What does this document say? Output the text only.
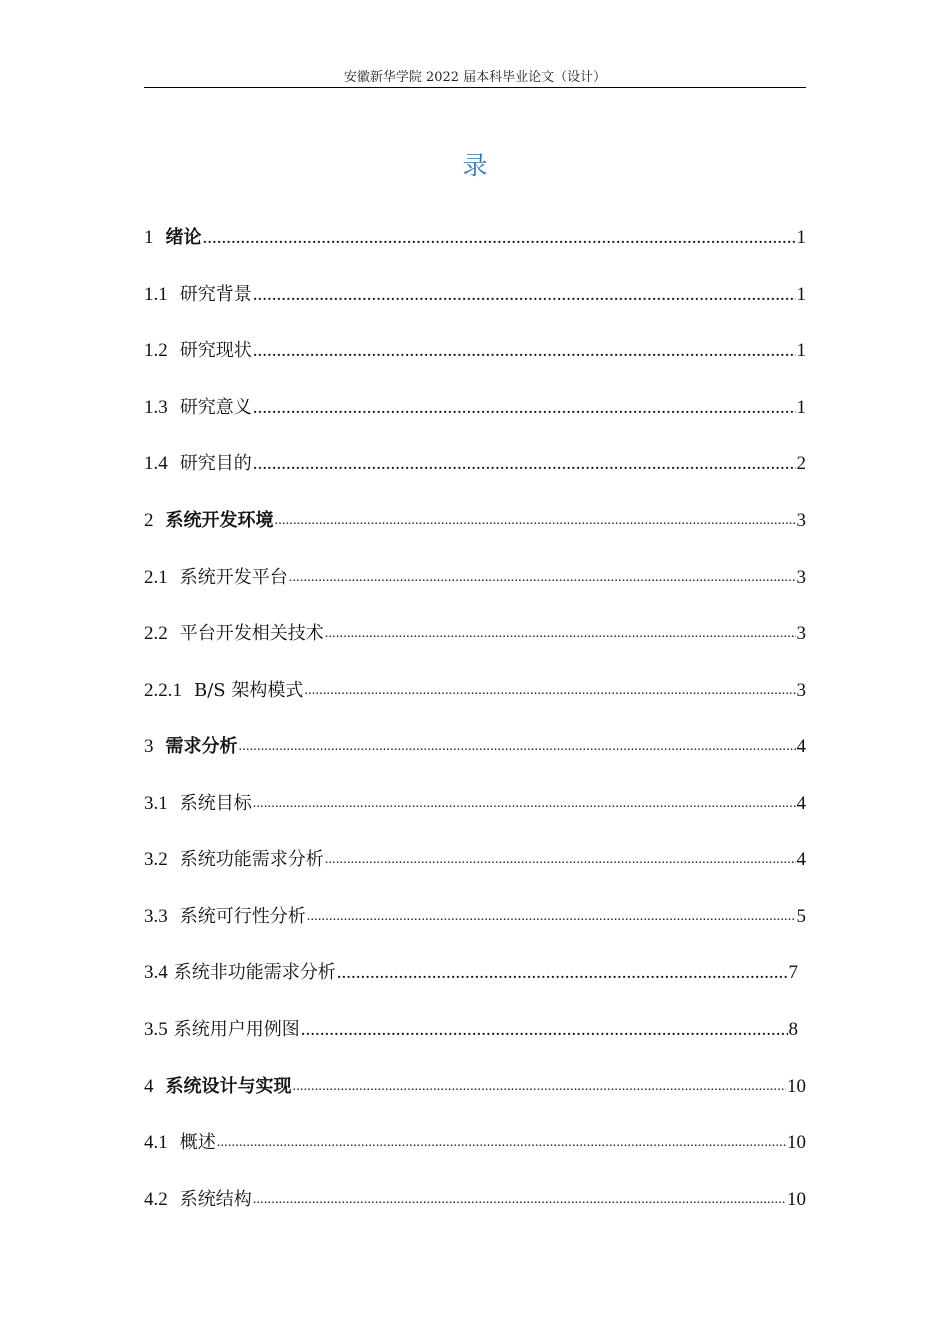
安徽新华学院 2022 届本科毕业论文（设计）
录
1 绪论 .....	1
1.1 研究背景 .....	1
1.2 研究现状 .....	1
1.3 研究意义 .....	1
1.4 研究目的 .....	2
2 系统开发环境 .....	3
2.1 系统开发平台 .....	3
2.2 平台开发相关技术 .....	3
2.2.1 B/S 架构模式 .....	3
3 需求分析 .....	4
3.1 系统目标 .....	4
3.2 系统功能需求分析 .....	4
3.3 系统可行性分析 .....	5
3.4 系统非功能需求分析 .....	7
3.5 系统用户用例图 .....	8
4 系统设计与实现 .....	10
4.1 概述 .....	10
4.2 系统结构 .....	10
